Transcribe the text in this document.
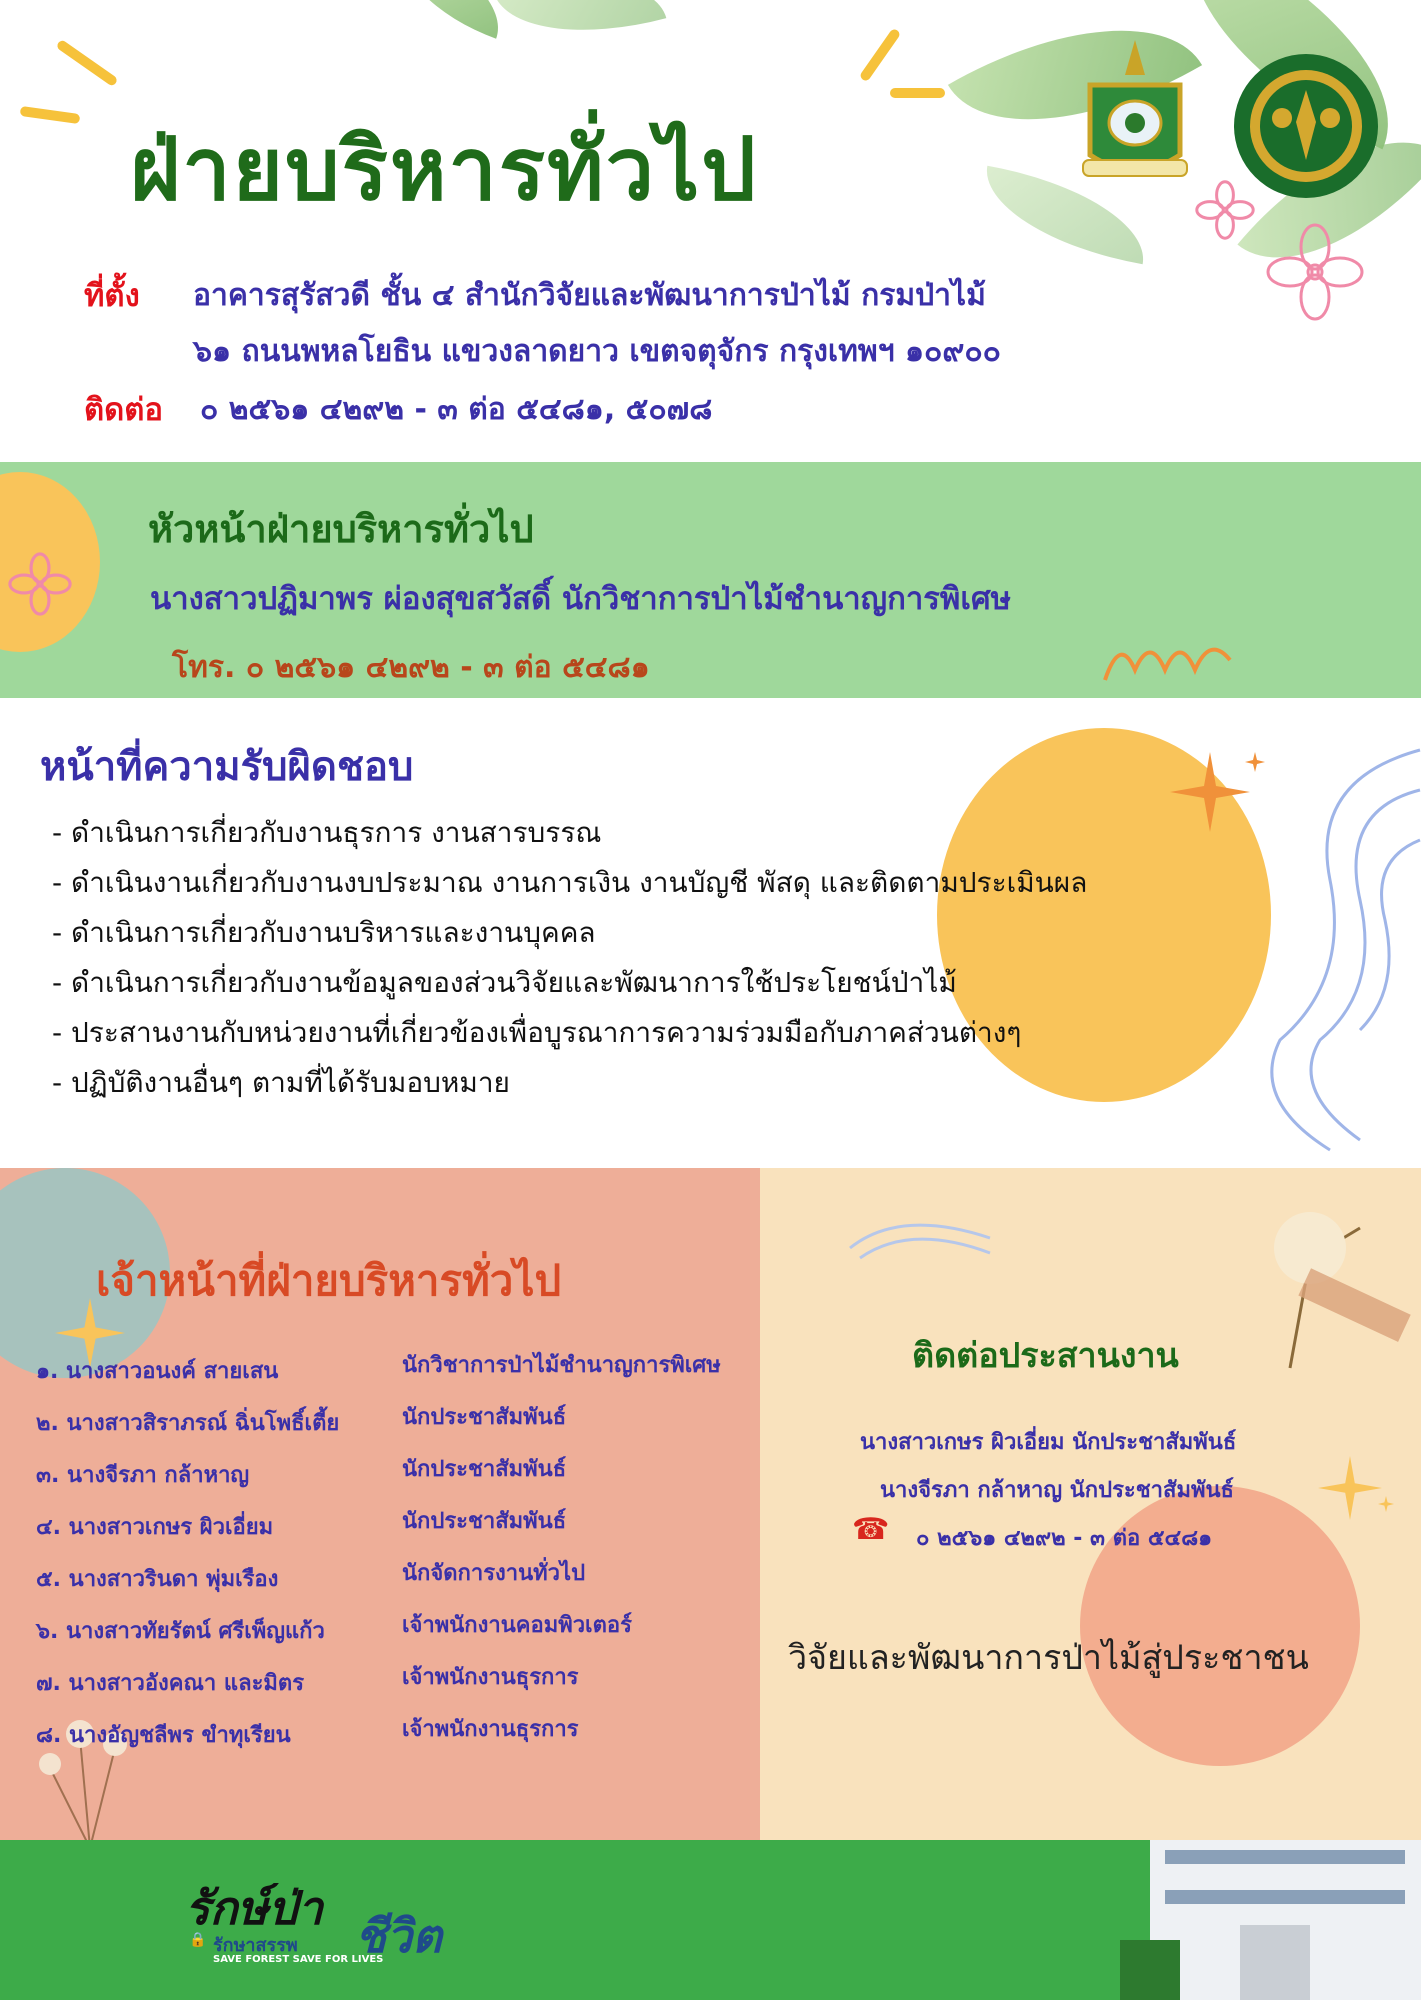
ฝ่ายบริหารทั่วไป
ที่ตั้ง อาคารสุรัสวดี ชั้น ๔ สำนักวิจัยและพัฒนาการป่าไม้ กรมป่าไม้
๖๑ ถนนพหลโยธิน แขวงลาดยาว เขตจตุจักร กรุงเทพฯ ๑๐๙๐๐
ติดต่อ ๐ ๒๕๖๑ ๔๒๙๒ - ๓ ต่อ ๕๔๘๑, ๕๐๗๘
หัวหน้าฝ่ายบริหารทั่วไป
นางสาวปฏิมาพร ผ่องสุขสวัสดิ์ นักวิชาการป่าไม้ชำนาญการพิเศษ
โทร. ๐ ๒๕๖๑ ๔๒๙๒ - ๓ ต่อ ๕๔๘๑
หน้าที่ความรับผิดชอบ
- ดำเนินการเกี่ยวกับงานธุรการ งานสารบรรณ
- ดำเนินงานเกี่ยวกับงานงบประมาณ งานการเงิน งานบัญชี พัสดุ และติดตามประเมินผล
- ดำเนินการเกี่ยวกับงานบริหารและงานบุคคล
- ดำเนินการเกี่ยวกับงานข้อมูลของส่วนวิจัยและพัฒนาการใช้ประโยชน์ป่าไม้
- ประสานงานกับหน่วยงานที่เกี่ยวข้องเพื่อบูรณาการความร่วมมือกับภาคส่วนต่างๆ
- ปฏิบัติงานอื่นๆ ตามที่ได้รับมอบหมาย
เจ้าหน้าที่ฝ่ายบริหารทั่วไป
๑. นางสาวอนงค์ สายเสน
๒. นางสาวสิราภรณ์ ฉิ่นโพธิ์เตี้ย
๓. นางจีรภา กล้าหาญ
๔. นางสาวเกษร ผิวเอี่ยม
๕. นางสาวรินดา พุ่มเรือง
๖. นางสาวทัยรัตน์ ศรีเพ็ญแก้ว
๗. นางสาวอังคณา และมิตร
๘. นางอัญชลีพร ขำทุเรียน
นักวิชาการป่าไม้ชำนาญการพิเศษ
นักประชาสัมพันธ์
นักประชาสัมพันธ์
นักประชาสัมพันธ์
นักจัดการงานทั่วไป
เจ้าพนักงานคอมพิวเตอร์
เจ้าพนักงานธุรการ
เจ้าพนักงานธุรการ
ติดต่อประสานงาน
นางสาวเกษร ผิวเอี่ยม นักประชาสัมพันธ์
นางจีรภา กล้าหาญ นักประชาสัมพันธ์
☎ ๐ ๒๕๖๑ ๔๒๙๒ - ๓ ต่อ ๕๔๘๑
วิจัยและพัฒนาการป่าไม้สู่ประชาชน
รักษ์ป่า
ชีวิต
🔒 รักษาสรรพ
SAVE FOREST SAVE FOR LIVES
